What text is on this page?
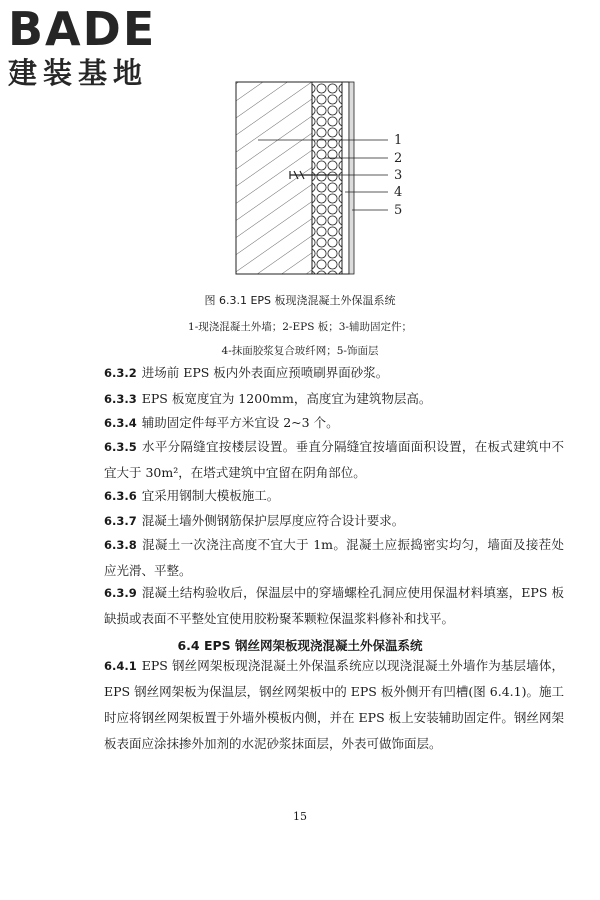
BADE
建装基地
1
2
3
4
5
图 6.3.1 EPS 板现浇混凝土外保温系统
1-现浇混凝土外墙；2-EPS 板；3-辅助固定件；
4-抹面胶浆复合玻纤网；5-饰面层
6.3.2 进场前 EPS 板内外表面应预喷刷界面砂浆。
6.3.3 EPS 板宽度宜为 1200mm，高度宜为建筑物层高。
6.3.4 辅助固定件每平方米宜设 2~3 个。
6.3.5 水平分隔缝宜按楼层设置。垂直分隔缝宜按墙面面积设置，在板式建筑中不宜大于 30m²，在塔式建筑中宜留在阴角部位。
6.3.6 宜采用钢制大模板施工。
6.3.7 混凝土墙外侧钢筋保护层厚度应符合设计要求。
6.3.8 混凝土一次浇注高度不宜大于 1m。混凝土应振捣密实均匀，墙面及接茬处应光滑、平整。
6.3.9 混凝土结构验收后，保温层中的穿墙螺栓孔洞应使用保温材料填塞，EPS 板缺损或表面不平整处宜使用胶粉聚苯颗粒保温浆料修补和找平。
6.4 EPS 钢丝网架板现浇混凝土外保温系统
6.4.1 EPS 钢丝网架板现浇混凝土外保温系统应以现浇混凝土外墙作为基层墙体，EPS 钢丝网架板为保温层，钢丝网架板中的 EPS 板外侧开有凹槽(图 6.4.1)。施工时应将钢丝网架板置于外墙外模板内侧，并在 EPS 板上安装辅助固定件。钢丝网架板表面应涂抹掺外加剂的水泥砂浆抹面层，外表可做饰面层。
15
